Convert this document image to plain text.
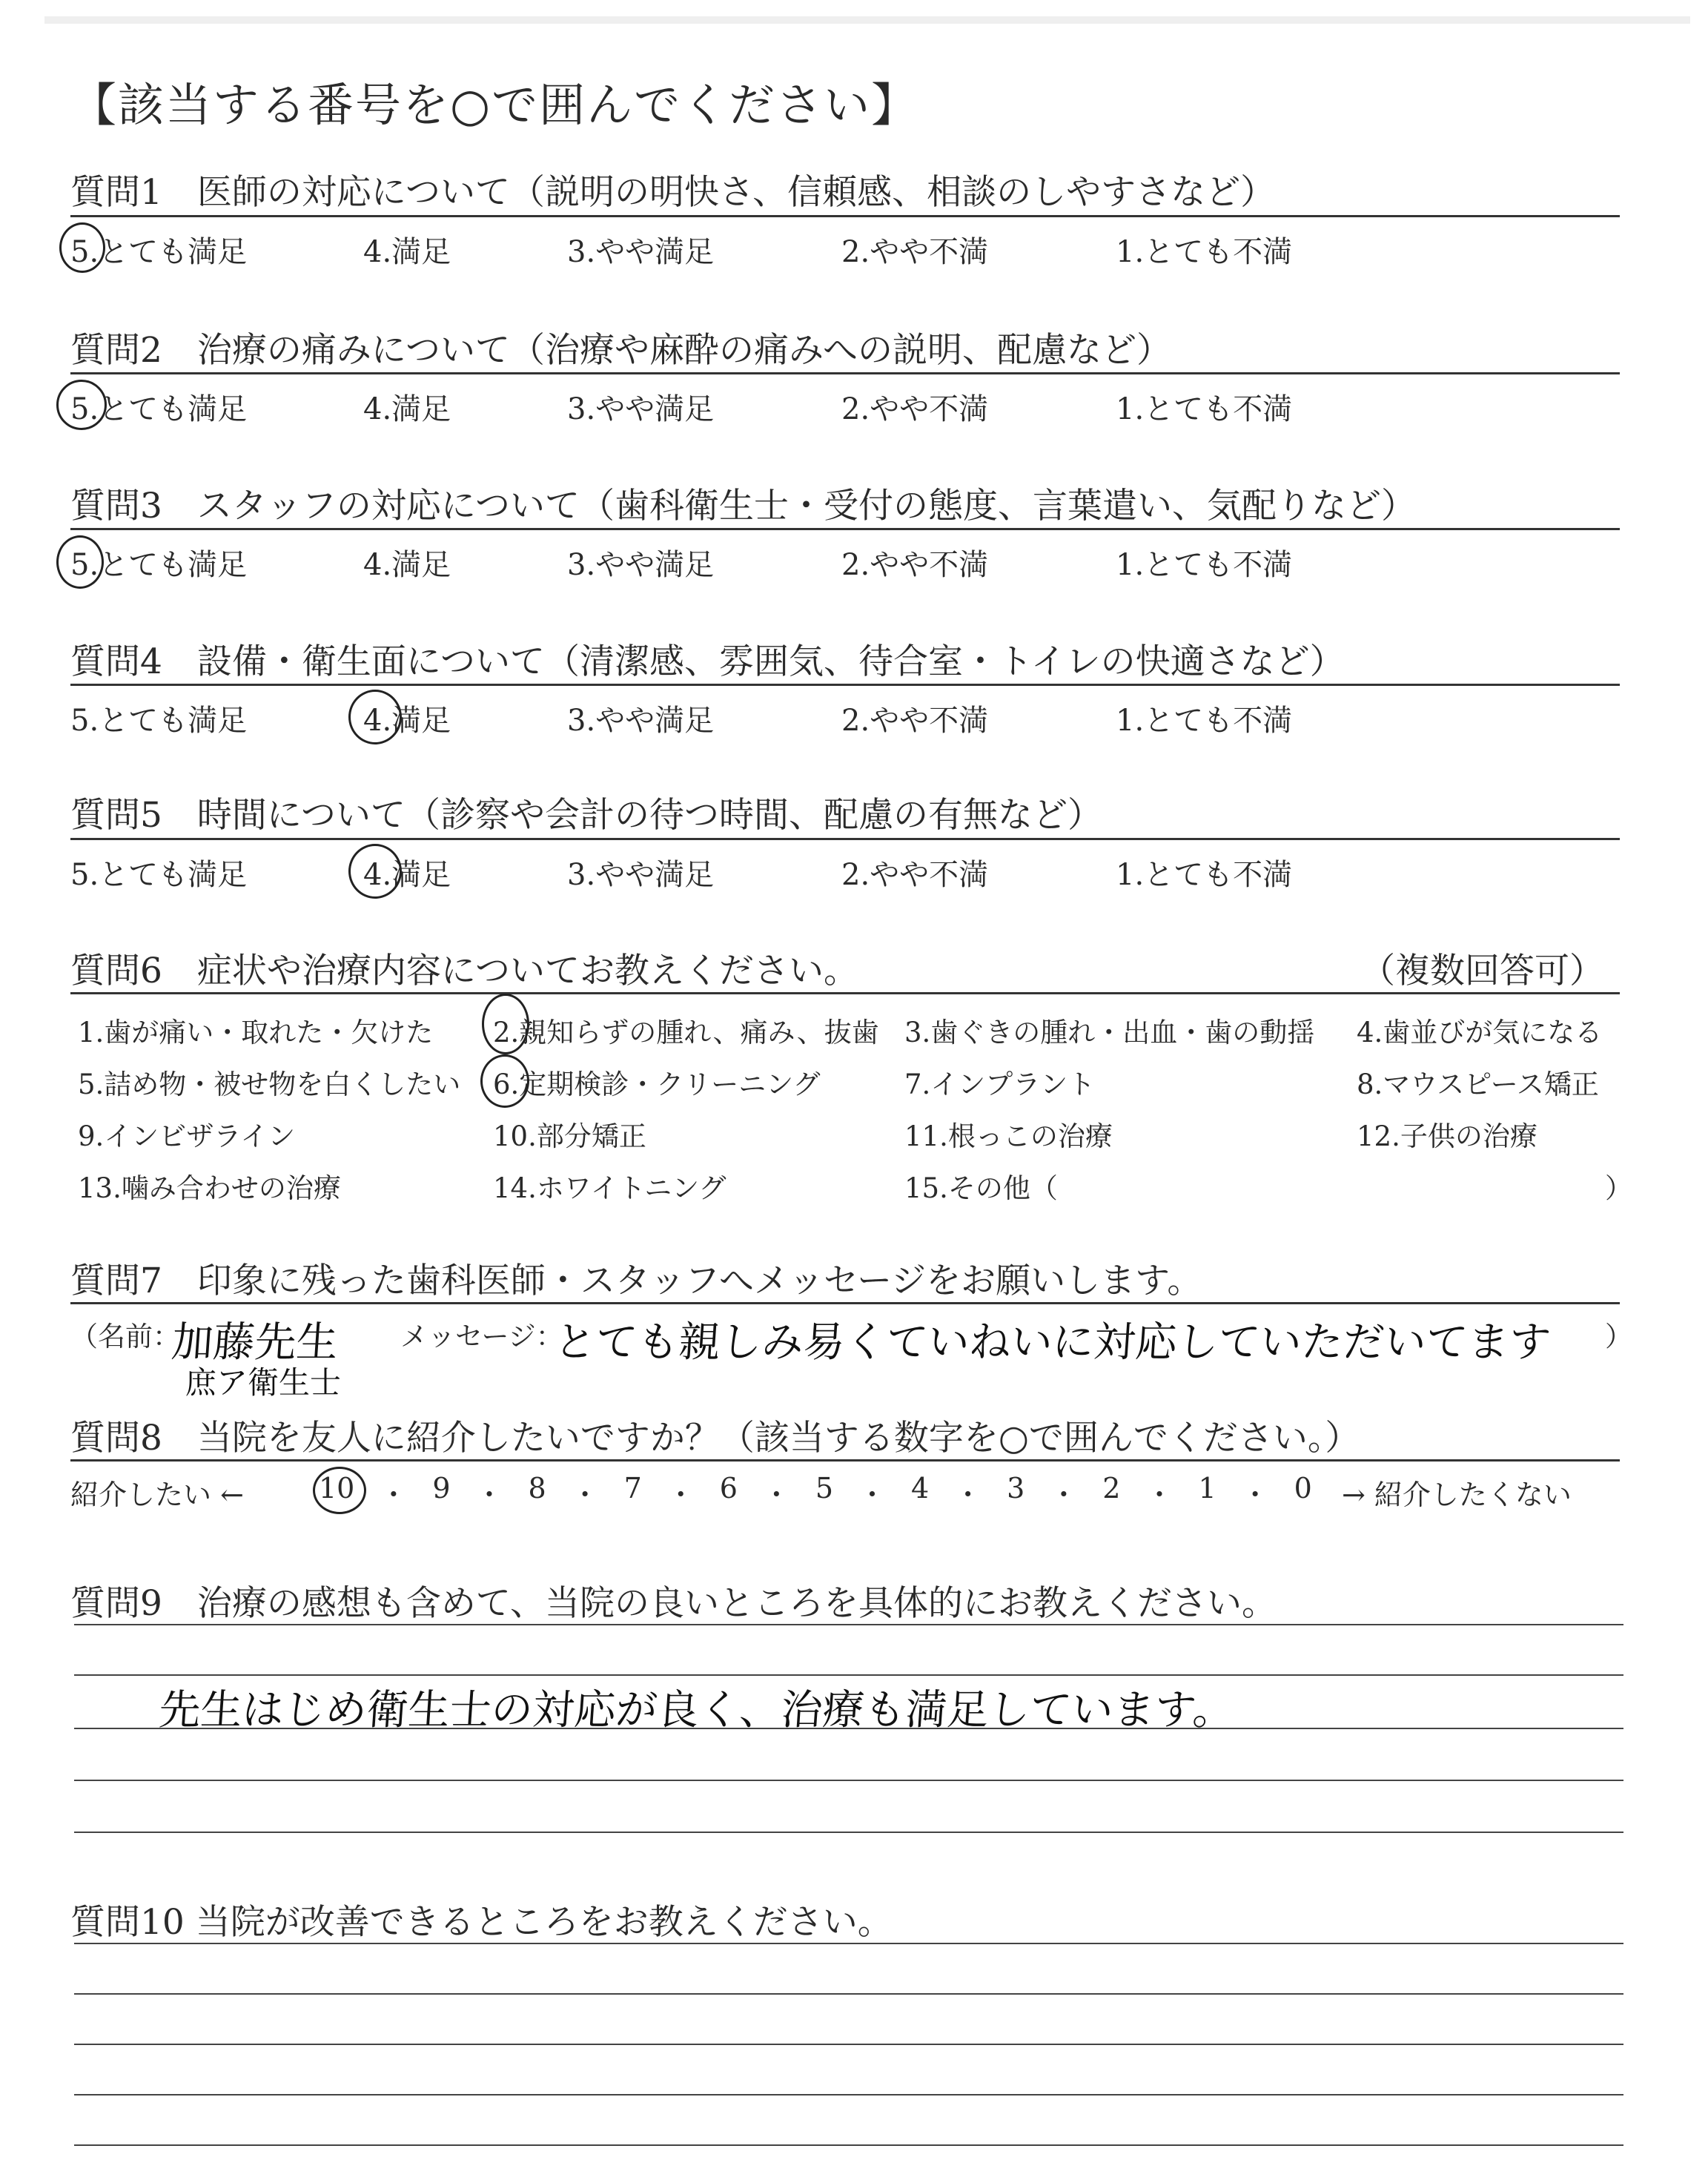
【該当する番号を○で囲んでください】
質問1　医師の対応について（説明の明快さ、信頼感、相談のしやすさなど）
5.とても満足	4.満足	3.やや満足	2.やや不満	1.とても不満
質問2　治療の痛みについて（治療や麻酔の痛みへの説明、配慮など）
5.とても満足	4.満足	3.やや満足	2.やや不満	1.とても不満
質問3　スタッフの対応について（歯科衛生士・受付の態度、言葉遣い、気配りなど）
5.とても満足	4.満足	3.やや満足	2.やや不満	1.とても不満
質問4　設備・衛生面について（清潔感、雰囲気、待合室・トイレの快適さなど）
5.とても満足	4.満足	3.やや満足	2.やや不満	1.とても不満
質問5　時間について（診察や会計の待つ時間、配慮の有無など）
5.とても満足	4.満足	3.やや満足	2.やや不満	1.とても不満
質問6　症状や治療内容についてお教えください。	（複数回答可）
1.歯が痛い・取れた・欠けた 2.親知らずの腫れ、痛み、抜歯 3.歯ぐきの腫れ・出血・歯の動揺 4.歯並びが気になる
5.詰め物・被せ物を白くしたい 6.定期検診・クリーニング	7.インプラント	8.マウスピース矯正
9.インビザライン	10.部分矯正	11.根っこの治療	12.子供の治療
13.噛み合わせの治療	14.ホワイトニング	15.その他（	）
質問7　印象に残った歯科医師・スタッフへメッセージをお願いします。
（名前：
加藤先生
庶ア衛生士
メッセージ：
とても親しみ易くていねいに対応していただいてます ）
質問8　当院を友人に紹介したいですか？（該当する数字を○で囲んでください。）
紹介したい ←	10 ・ 9 ・ 8 ・ 7 ・ 6 ・ 5 ・ 4 ・ 3 ・ 2 ・ 1 ・ 0 → 紹介したくない
質問9　治療の感想も含めて、当院の良いところを具体的にお教えください。
先生はじめ衛生士の対応が良く、治療も満足しています。
質問10 当院が改善できるところをお教えください。
